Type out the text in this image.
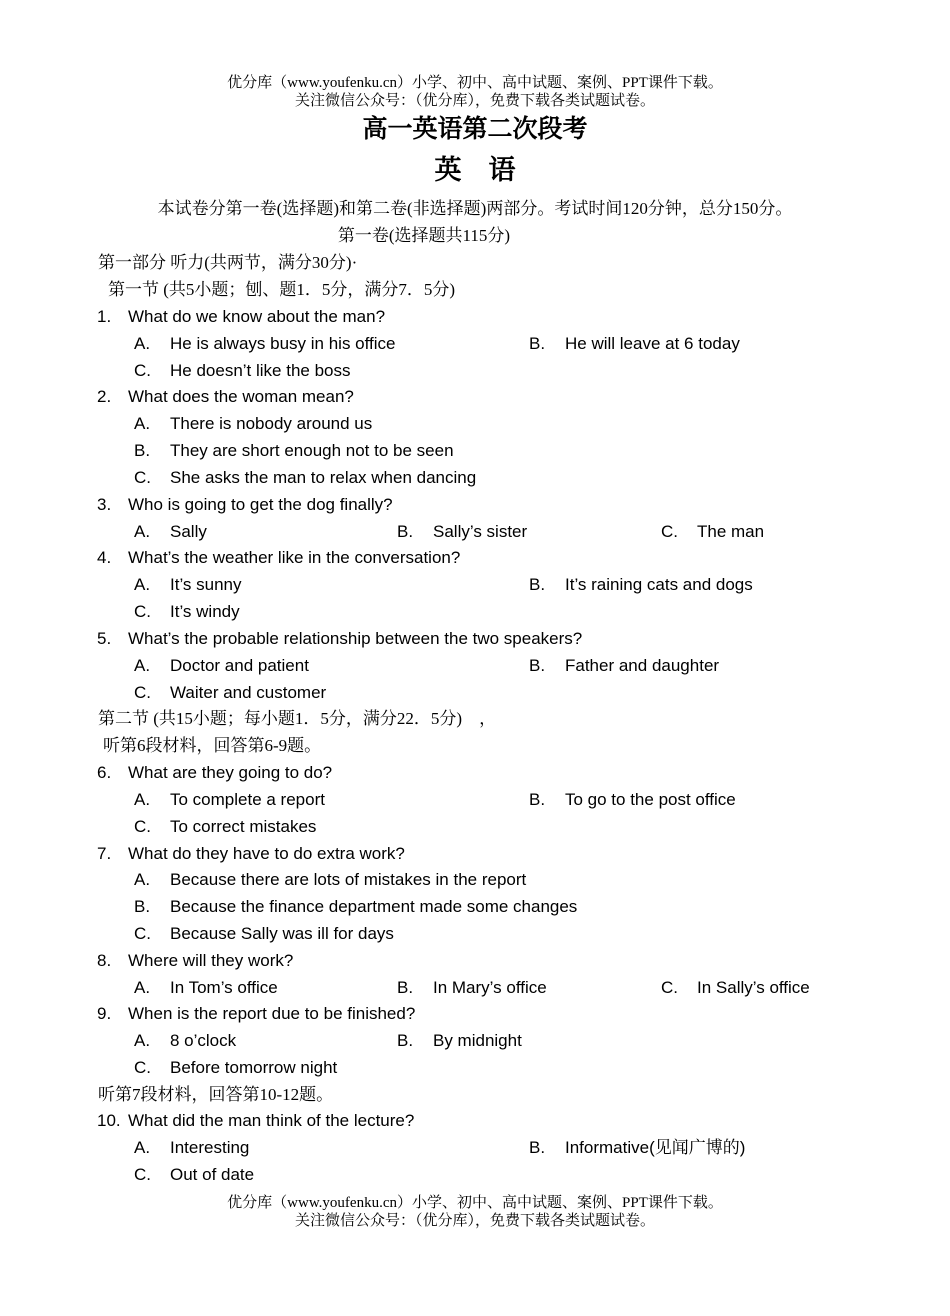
优分库（www.youfenku.cn）小学、初中、高中试题、案例、PPT课件下载。
关注微信公众号：（优分库），免费下载各类试题试卷。
高一英语第二次段考
英　语
本试卷分第一卷(选择题)和第二卷(非选择题)两部分。考试时间120分钟，总分150分。
第一卷(选择题共115分)
第一部分 听力(共两节，满分30分)·
第一节 (共5小题；刨、题1．5分，满分7．5分)
1. What do we know about the man?
A. He is always busy in his office	B. He will leave at 6 today
C. He doesn’t like the boss
2. What does the woman mean?
A. There is nobody around us
B. They are short enough not to be seen
C. She asks the man to relax when dancing
3. Who is going to get the dog finally?
A. Sally	B. Sally’s sister	C. The man
4. What’s the weather like in the conversation?
A. It’s sunny	B. It’s raining cats and dogs
C. It’s windy
5. What’s the probable relationship between the two speakers?
A. Doctor and patient	B. Father and daughter
C. Waiter and customer
第二节 (共15小题；每小题1．5分，满分22．5分)　，
听第6段材料，回答第6-9题。
6. What are they going to do?
A. To complete a report	B. To go to the post office
C. To correct mistakes
7. What do they have to do extra work?
A. Because there are lots of mistakes in the report
B. Because the finance department made some changes
C. Because Sally was ill for days
8. Where will they work?
A. In Tom’s office	B. In Mary’s office	C. In Sally’s office
9. When is the report due to be finished?
A. 8 o’clock	B. By midnight
C. Before tomorrow night
听第7段材料，回答第10-12题。
10. What did the man think of the lecture?
A. Interesting	B. Informative(见闻广博的)
C. Out of date
优分库（www.youfenku.cn）小学、初中、高中试题、案例、PPT课件下载。
关注微信公众号：（优分库），免费下载各类试题试卷。
